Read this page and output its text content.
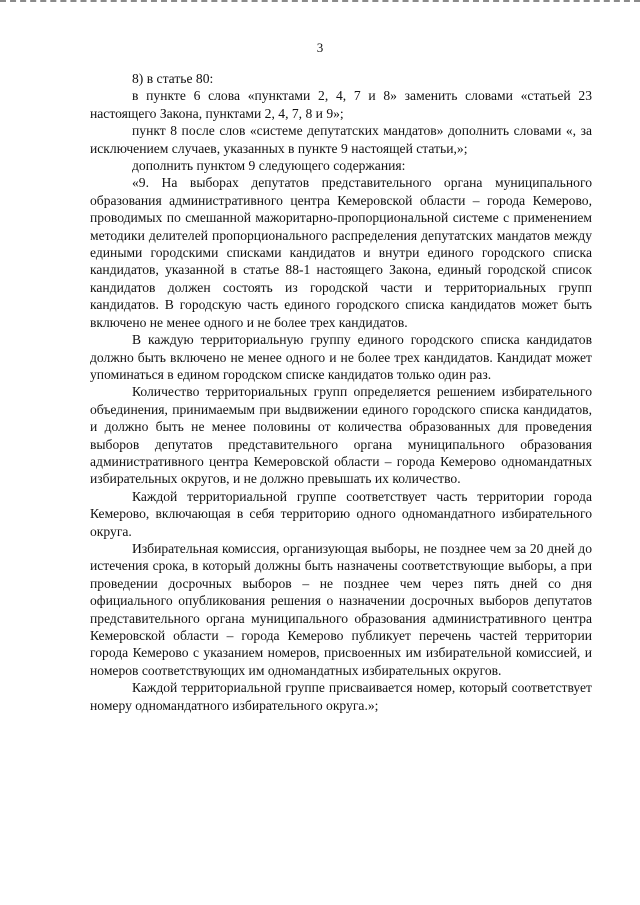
3

8) в статье 80:

в пункте 6 слова «пунктами 2, 4, 7 и 8» заменить словами «статьей 23 настоящего Закона, пунктами 2, 4, 7, 8 и 9»;

пункт 8 после слов «системе депутатских мандатов» дополнить словами «, за исключением случаев, указанных в пункте 9 настоящей статьи,»;

дополнить пунктом 9 следующего содержания:

«9. На выборах депутатов представительного органа муниципального образования административного центра Кемеровской области – города Кемерово, проводимых по смешанной мажоритарно-пропорциональной системе с применением методики делителей пропорционального распределения депутатских мандатов между едиными городскими списками кандидатов и внутри единого городского списка кандидатов, указанной в статье 88-1 настоящего Закона, единый городской список кандидатов должен состоять из городской части и территориальных групп кандидатов. В городскую часть единого городского списка кандидатов может быть включено не менее одного и не более трех кандидатов.

В каждую территориальную группу единого городского списка кандидатов должно быть включено не менее одного и не более трех кандидатов. Кандидат может упоминаться в едином городском списке кандидатов только один раз.

Количество территориальных групп определяется решением избирательного объединения, принимаемым при выдвижении единого городского списка кандидатов, и должно быть не менее половины от количества образованных для проведения выборов депутатов представительного органа муниципального образования административного центра Кемеровской области – города Кемерово одномандатных избирательных округов, и не должно превышать их количество.

Каждой территориальной группе соответствует часть территории города Кемерово, включающая в себя территорию одного одномандатного избирательного округа.

Избирательная комиссия, организующая выборы, не позднее чем за 20 дней до истечения срока, в который должны быть назначены соответствующие выборы, а при проведении досрочных выборов – не позднее чем через пять дней со дня официального опубликования решения о назначении досрочных выборов депутатов представительного органа муниципального образования административного центра Кемеровской области – города Кемерово публикует перечень частей территории города Кемерово с указанием номеров, присвоенных им избирательной комиссией, и номеров соответствующих им одномандатных избирательных округов.

Каждой территориальной группе присваивается номер, который соответствует номеру одномандатного избирательного округа.»;
